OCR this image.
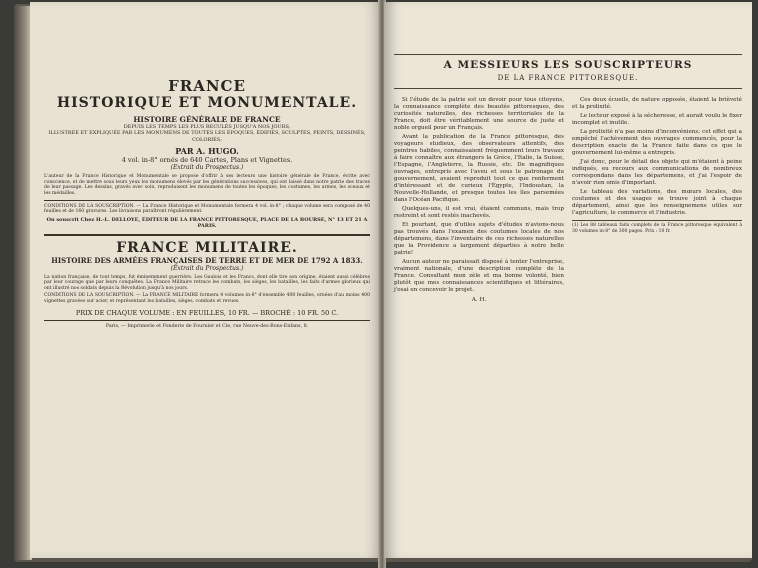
FRANCE
HISTORIQUE ET MONUMENTALE.
HISTOIRE GÉNÉRALE DE FRANCE
DEPUIS LES TEMPS LES PLUS RECULÉS JUSQU'A NOS JOURS,
ILLUSTRÉE ET EXPLIQUÉE PAR LES MONUMENS DE TOUTES LES ÉPOQUES, ÉDIFIÉS, SCULPTÉS, PEINTS, DESSINÉS, COLORIÉS;
PAR A. HUGO.
4 vol. in-8° ornés de 640 Cartes, Plans et Vignettes.
(Extrait du Prospectus.)
L'auteur de la France Historique et Monumentale se propose d'offrir à ses lecteurs une histoire générale de France, écrite avec conscience, et de mettre sous leurs yeux les monumens élevés par les générations successives, qui ont laissé dans notre patrie des traces de leur passage. Les dessins, gravés avec soin, reproduisent les monumens de toutes les époques, les costumes, les armes, les sceaux et les médailles.
CONDITIONS DE LA SOUSCRIPTION. — La France Historique et Monumentale formera 4 vol. in-8° ; chaque volume sera composé de 40 feuilles et de 160 gravures. Les livraisons paraîtront régulièrement.
On souscrit Chez H.-L. DELLOYE, ÉDITEUR DE LA FRANCE PITTORESQUE, PLACE DE LA BOURSE, N° 13 ET 21 A PARIS.
FRANCE MILITAIRE.
HISTOIRE DES ARMÉES FRANÇAISES DE TERRE ET DE MER DE 1792 A 1833.
(Extrait du Prospectus.)
La nation française, de tout temps, fut éminemment guerrière. Les Gaulois et les Francs, dont elle tire son origine, étaient aussi célèbres par leur courage que par leurs conquêtes. La France Militaire retrace les combats, les sièges, les batailles, les faits d'armes glorieux qui ont illustré nos soldats depuis la Révolution jusqu'à nos jours.
CONDITIONS DE LA SOUSCRIPTION. — La FRANCE MILITAIRE formera 4 volumes in-8° d'ensemble 400 feuilles, ornées d'au moins 400 vignettes gravées sur acier, et représentant les batailles, sièges, combats et revues.
PRIX DE CHAQUE VOLUME : EN FEUILLES, 10 FR. — BROCHÉ : 10 FR. 50 C.
Paris, — Imprimerie et Fonderie de Fournier et Cie, rue Neuve-des-Bons-Enfans, 8.
A MESSIEURS LES SOUSCRIPTEURS
DE LA FRANCE PITTORESQUE.

Si l'étude de la patrie est un devoir pour tous citoyens, la connaissance complète des beautés pittoresques, des curiosités naturelles, des richesses territoriales de la France, doit être véritablement une source de juste et noble orgueil pour un Français.

Avant la publication de la France pittoresque, des voyageurs studieux, des observateurs attentifs, des peintres habiles, connaissaient fréquemment leurs travaux à faire connaître aux étrangers la Grèce, l'Italie, la Suisse, l'Espagne, l'Angleterre, la Russie, etc. De magnifiques ouvrages, entrepris avec l'aveu et sous le patronage du gouvernement, avaient reproduit tout ce que renferment d'intéressant et de curieux l'Égypte, l'Indoustan, la Nouvelle-Hollande, et presque toutes les îles parsemées dans l'Océan Pacifique.

Quelques-uns, il est vrai, étaient communs, mais trop restreint et sont restés inachevés.

Et pourtant, que d'utiles sujets d'études n'avions-nous pas trouvés dans l'examen des coutumes locales de nos départemens, dans l'inventaire de ces richesses naturelles que la Providence a largement départies à notre belle patrie!

Aucun auteur ne paraissait disposé à tenter l'entreprise, vraiment nationale, d'une description complète de la France. Consultant mon zèle et ma bonne volonté, bien plutôt que mes connaissances scientifiques et littéraires, j'osai en concevoir le projet.

A. H.

Ces deux écueils, de nature opposée, étaient la brièveté et la prolixité.

Le lecteur exposé à la sécheresse, et aurait voulu le fixer incomplet et inutile.

La prolixité n'a pas moins d'inconvéniens; cet effet qui a empêché l'achèvement des ouvrages commencés, pour la description exacte de la France faite dans ce que le gouvernement lui-même a entrepris.

J'ai donc, pour le détail des objets qui m'étaient à peine indiqués, eu recours aux communications de nombreux correspondans dans les départemens, et j'ai l'espoir de n'avoir rien omis d'important.

Le tableau des variations, des mœurs locales, des coutumes et des usages se trouve joint à chaque département, ainsi que les renseignemens utiles sur l'agriculture, le commerce et l'industrie.

(1) Les 88 tableaux faits complets de la France pittoresque équivalent à 30 volumes in-8° de 300 pages. Prix : 10 fr.
